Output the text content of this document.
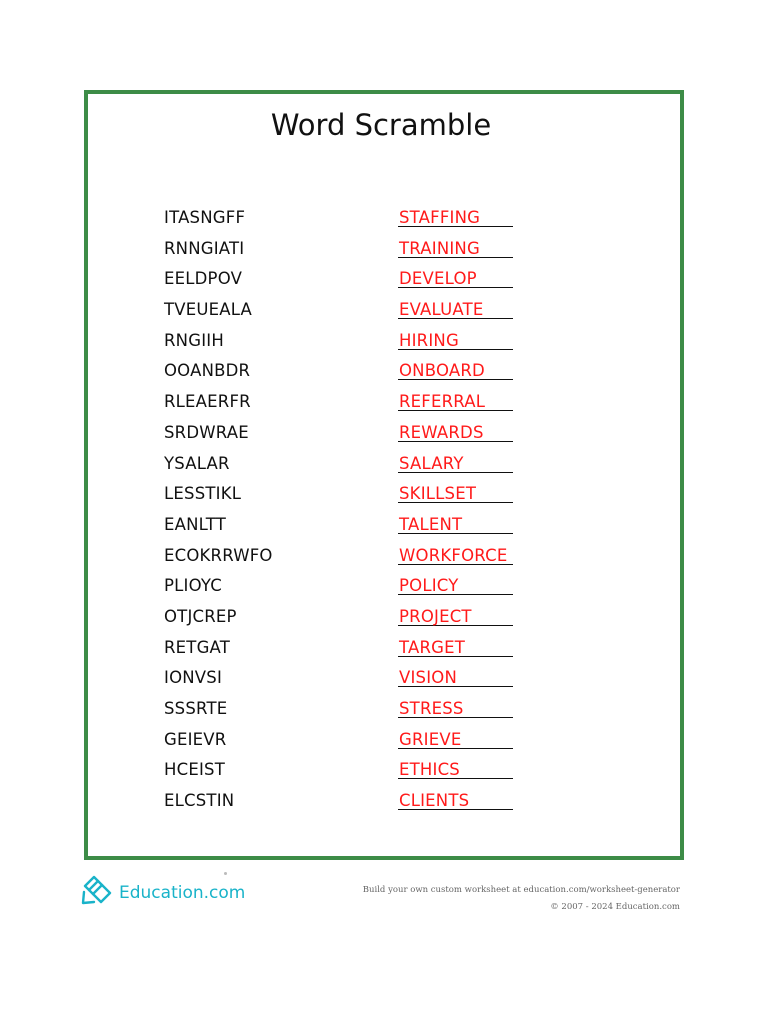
Word Scramble
ITASNGFF	STAFFING
RNNGIATI	TRAINING
EELDPOV	DEVELOP
TVEUEALA	EVALUATE
RNGIIH	HIRING
OOANBDR	ONBOARD
RLEAERFR	REFERRAL
SRDWRAE	REWARDS
YSALAR	SALARY
LESSTIKL	SKILLSET
EANLTT	TALENT
ECOKRRWFO	WORKFORCE
PLIOYC	POLICY
OTJCREP	PROJECT
RETGAT	TARGET
IONVSI	VISION
SSSRTE	STRESS
GEIEVR	GRIEVE
HCEIST	ETHICS
ELCSTIN	CLIENTS
Education.com	Build your own custom worksheet at education.com/worksheet-generator
© 2007 - 2024 Education.com
